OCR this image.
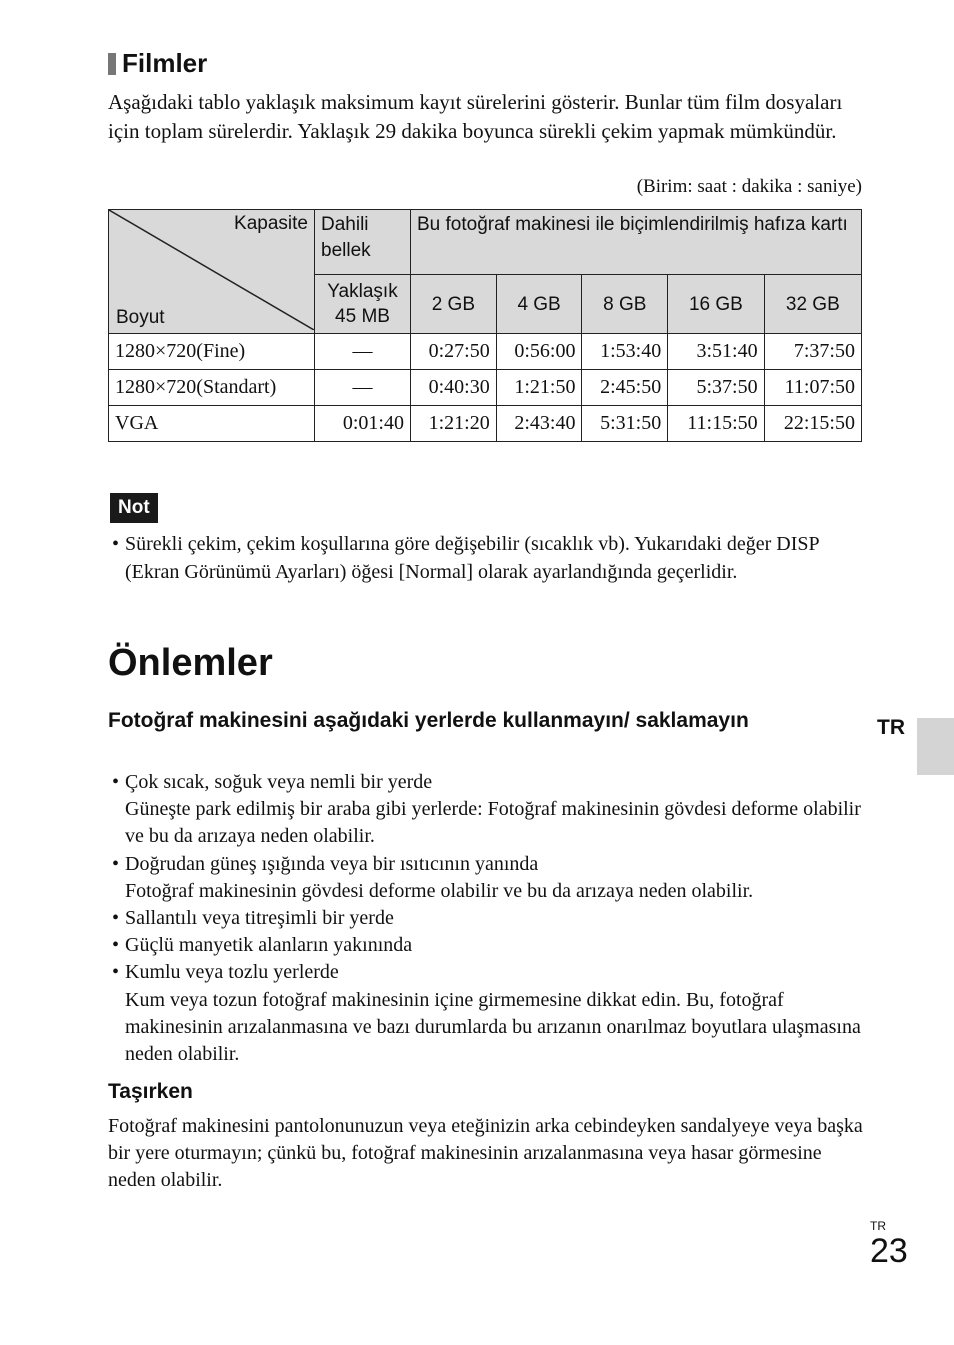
Filmler
Aşağıdaki tablo yaklaşık maksimum kayıt sürelerini gösterir. Bunlar tüm film dosyaları için toplam sürelerdir. Yaklaşık 29 dakika boyunca sürekli çekim yapmak mümkündür.
(Birim: saat : dakika : saniye)
Kapasite
Boyut	Dahili bellek	Bu fotoğraf makinesi ile biçimlendirilmiş hafıza kartı				
	Yaklaşık 45 MB	2 GB	4 GB	8 GB	16 GB	32 GB
1280×720(Fine)	—	0:27:50	0:56:00	1:53:40	3:51:40	7:37:50
1280×720(Standart)	—	0:40:30	1:21:50	2:45:50	5:37:50	11:07:50
VGA	0:01:40	1:21:20	2:43:40	5:31:50	11:15:50	22:15:50
Not
• Sürekli çekim, çekim koşullarına göre değişebilir (sıcaklık vb). Yukarıdaki değer DISP (Ekran Görünümü Ayarları) öğesi [Normal] olarak ayarlandığında geçerlidir.
Önlemler
Fotoğraf makinesini aşağıdaki yerlerde kullanmayın/ saklamayın
• Çok sıcak, soğuk veya nemli bir yerde
Güneşte park edilmiş bir araba gibi yerlerde: Fotoğraf makinesinin gövdesi deforme olabilir ve bu da arızaya neden olabilir.
• Doğrudan güneş ışığında veya bir ısıtıcının yanında
Fotoğraf makinesinin gövdesi deforme olabilir ve bu da arızaya neden olabilir.
• Sallantılı veya titreşimli bir yerde
• Güçlü manyetik alanların yakınında
• Kumlu veya tozlu yerlerde
Kum veya tozun fotoğraf makinesinin içine girmemesine dikkat edin. Bu, fotoğraf makinesinin arızalanmasına ve bazı durumlarda bu arızanın onarılmaz boyutlara ulaşmasına neden olabilir.
Taşırken
Fotoğraf makinesini pantolonunuzun veya eteğinizin arka cebindeyken sandalyeye veya başka bir yere oturmayın; çünkü bu, fotoğraf makinesinin arızalanmasına veya hasar görmesine neden olabilir.
TR
TR
23
